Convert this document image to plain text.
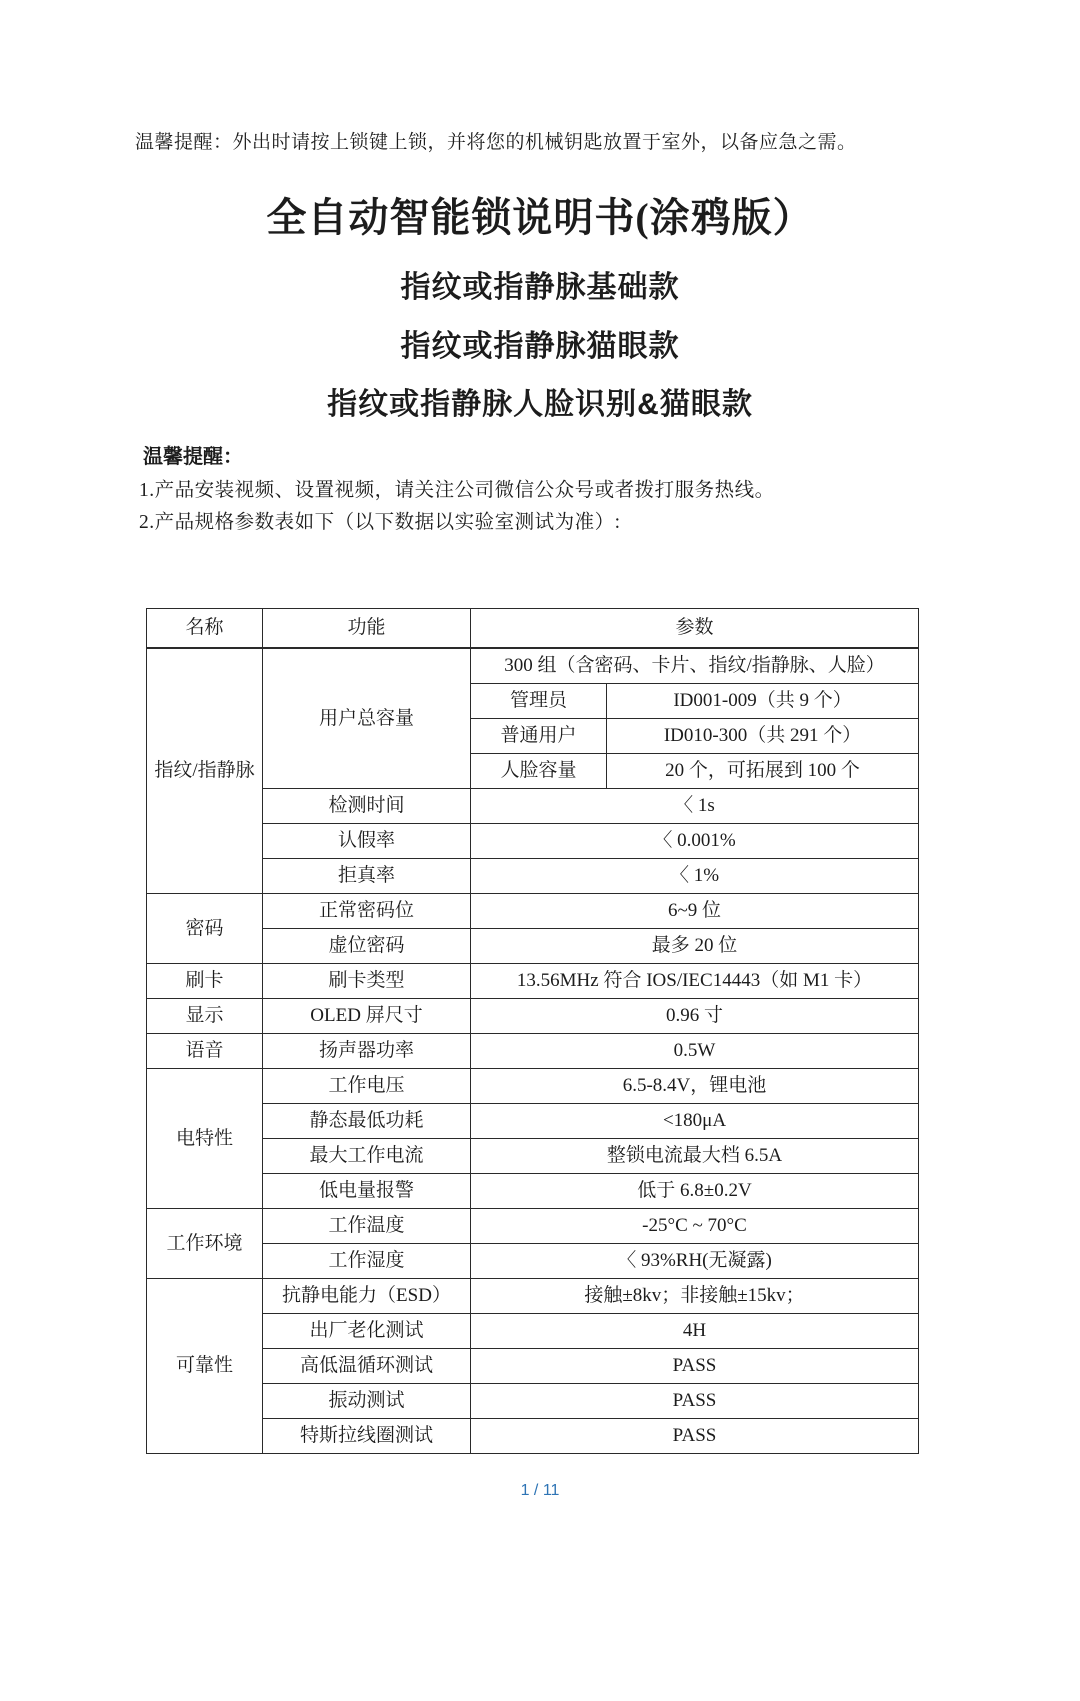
温馨提醒：外出时请按上锁键上锁，并将您的机械钥匙放置于室外，以备应急之需。

全自动智能锁说明书(涂鸦版）
指纹或指静脉基础款
指纹或指静脉猫眼款
指纹或指静脉人脸识别&猫眼款

温馨提醒：

1.产品安装视频、设置视频，请关注公司微信公众号或者拨打服务热线。

2.产品规格参数表如下（以下数据以实验室测试为准）:

名称	功能	参数	
指纹/指静脉	用户总容量	300 组（含密码、卡片、指纹/指静脉、人脸）	
		管理员	ID001-009（共 9 个）
		普通用户	ID010-300（共 291 个）
		人脸容量	20 个，可拓展到 100 个
	检测时间	〈 1s	
	认假率	〈 0.001%	
	拒真率	〈 1%	
密码	正常密码位	6~9 位	
	虚位密码	最多 20 位	
刷卡	刷卡类型	13.56MHz 符合 IOS/IEC14443（如 M1 卡）	
显示	OLED 屏尺寸	0.96 寸	
语音	扬声器功率	0.5W	
电特性	工作电压	6.5-8.4V，锂电池	
	静态最低功耗	<180μA	
	最大工作电流	整锁电流最大档 6.5A	
	低电量报警	低于 6.8±0.2V	
工作环境	工作温度	-25°C ~ 70°C	
	工作湿度	〈 93%RH(无凝露)	
可靠性	抗静电能力（ESD）	接触±8kv；非接触±15kv；	
	出厂老化测试	4H	
	高低温循环测试	PASS	
	振动测试	PASS	
	特斯拉线圈测试	PASS	

1 / 11
